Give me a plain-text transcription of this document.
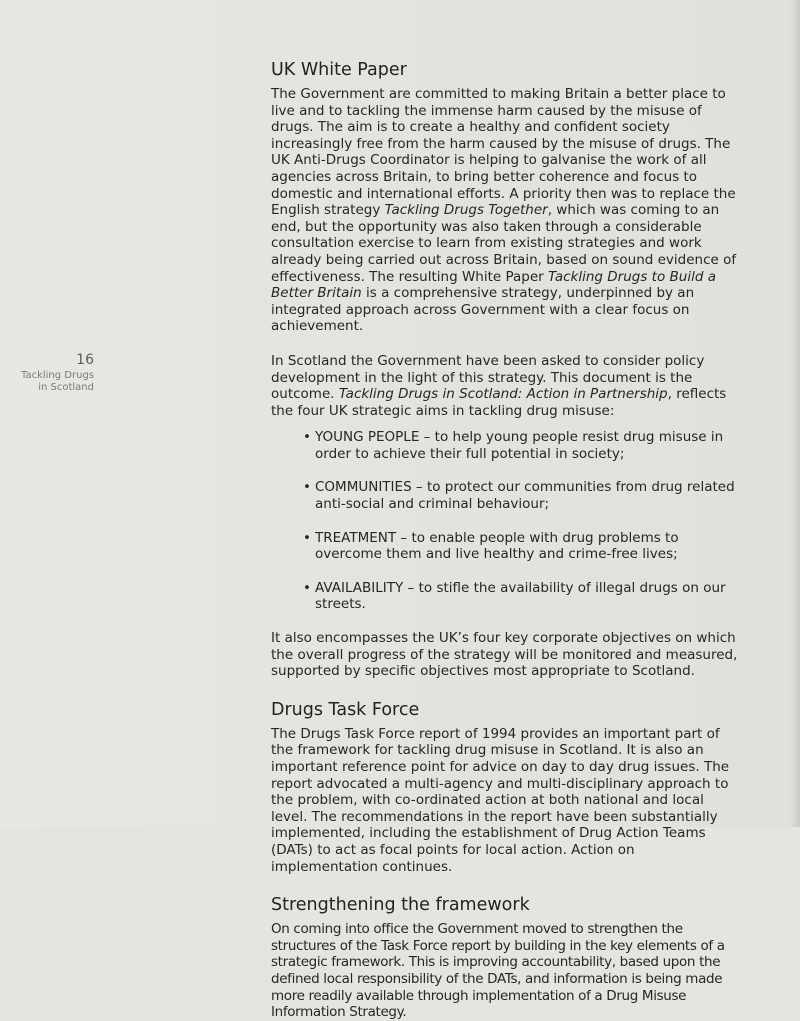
16
Tackling Drugs
in Scotland
UK White Paper

The Government are committed to making Britain a better place to live and to tackling the immense harm caused by the misuse of drugs. The aim is to create a healthy and confident society increasingly free from the harm caused by the misuse of drugs. The UK Anti-Drugs Coordinator is helping to galvanise the work of all agencies across Britain, to bring better coherence and focus to domestic and international efforts. A priority then was to replace the English strategy Tackling Drugs Together, which was coming to an end, but the opportunity was also taken through a considerable consultation exercise to learn from existing strategies and work already being carried out across Britain, based on sound evidence of effectiveness. The resulting White Paper Tackling Drugs to Build a Better Britain is a comprehensive strategy, underpinned by an integrated approach across Government with a clear focus on achievement.

In Scotland the Government have been asked to consider policy development in the light of this strategy. This document is the outcome. Tackling Drugs in Scotland: Action in Partnership, reflects the four UK strategic aims in tackling drug misuse:

• YOUNG PEOPLE – to help young people resist drug misuse in order to achieve their full potential in society;
• COMMUNITIES – to protect our communities from drug related anti-social and criminal behaviour;
• TREATMENT – to enable people with drug problems to overcome them and live healthy and crime-free lives;
• AVAILABILITY – to stifle the availability of illegal drugs on our streets.

It also encompasses the UK’s four key corporate objectives on which the overall progress of the strategy will be monitored and measured, supported by specific objectives most appropriate to Scotland.

Drugs Task Force

The Drugs Task Force report of 1994 provides an important part of the framework for tackling drug misuse in Scotland. It is also an important reference point for advice on day to day drug issues. The report advocated a multi-agency and multi-disciplinary approach to the problem, with co-ordinated action at both national and local level. The recommendations in the report have been substantially implemented, including the establishment of Drug Action Teams (DATs) to act as focal points for local action. Action on implementation continues.

Strengthening the framework

On coming into office the Government moved to strengthen the structures of the Task Force report by building in the key elements of a strategic framework. This is improving accountability, based upon the defined local responsibility of the DATs, and information is being made more readily available through implementation of a Drug Misuse Information Strategy.
